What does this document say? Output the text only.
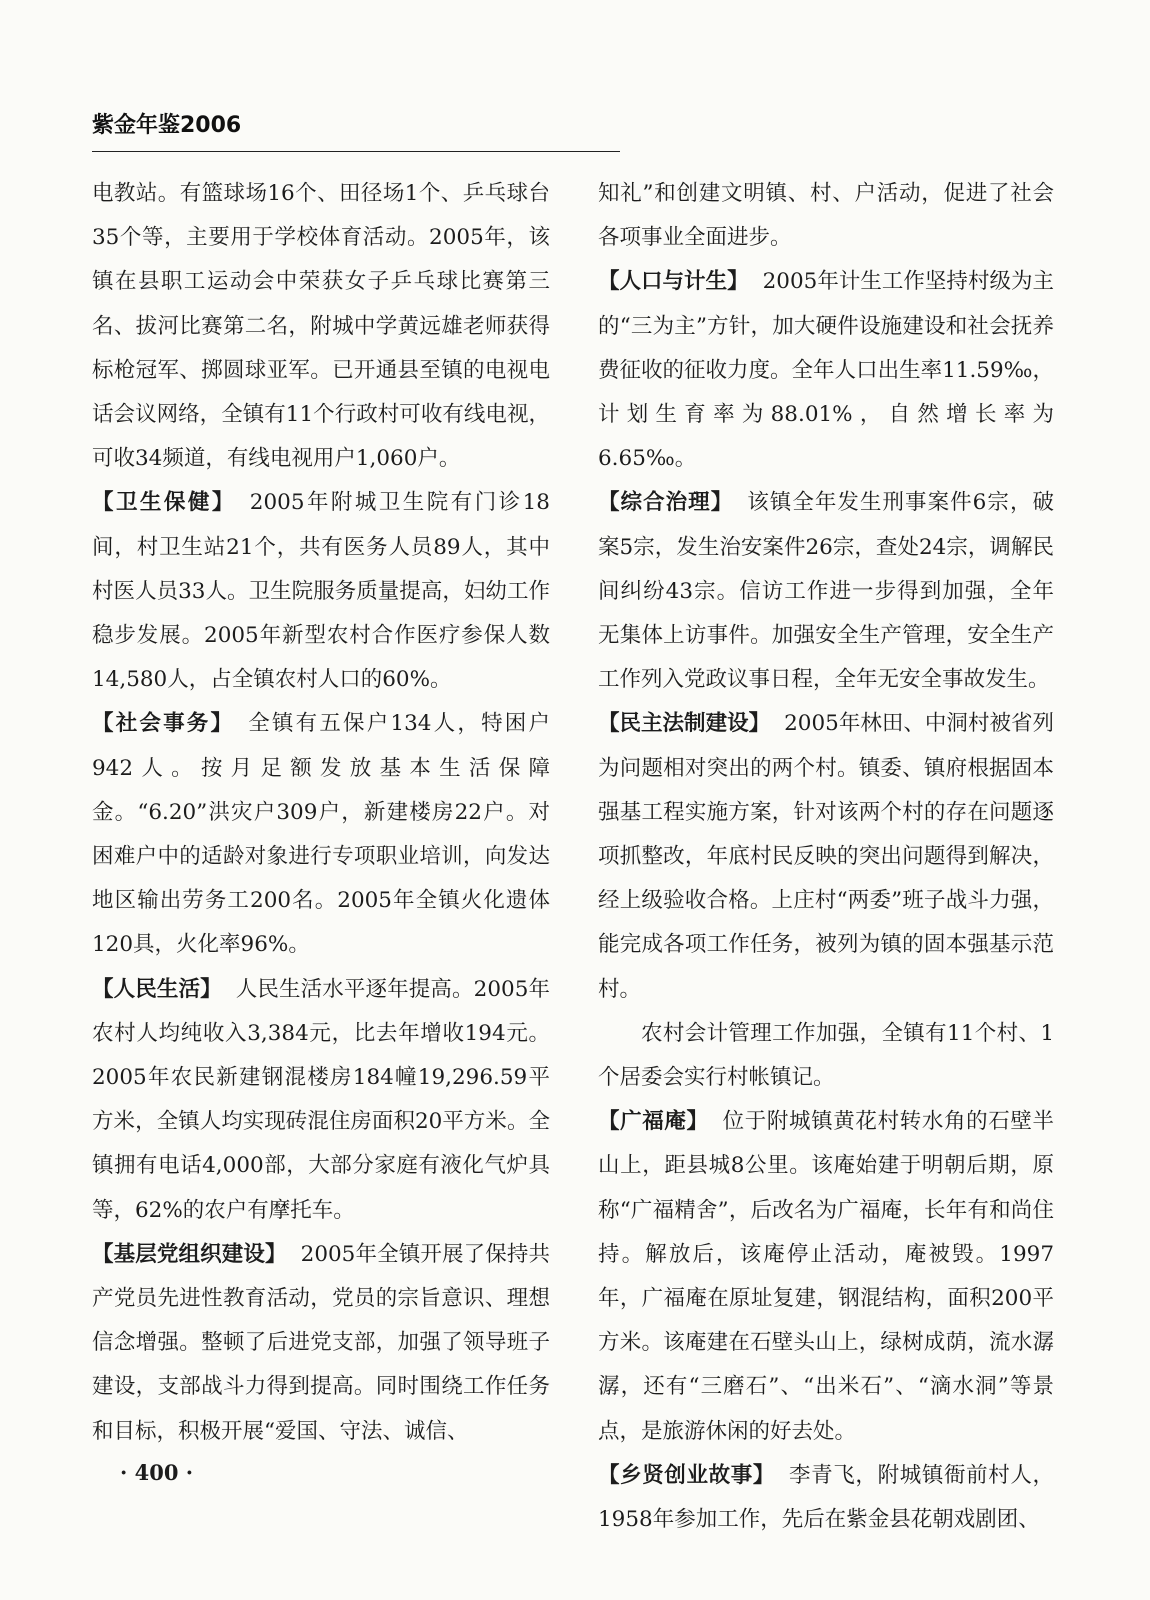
紫金年鉴2006

电教站。有篮球场16个、田径场1个、乒乓球台35个等，主要用于学校体育活动。2005年，该镇在县职工运动会中荣获女子乒乓球比赛第三名、拔河比赛第二名，附城中学黄远雄老师获得标枪冠军、掷圆球亚军。已开通县至镇的电视电话会议网络，全镇有11个行政村可收有线电视，可收34频道，有线电视用户1,060户。

【卫生保健】 2005年附城卫生院有门诊18间，村卫生站21个，共有医务人员89人，其中村医人员33人。卫生院服务质量提高，妇幼工作稳步发展。2005年新型农村合作医疗参保人数14,580人，占全镇农村人口的60%。

【社会事务】 全镇有五保户134人，特困户942人。按月足额发放基本生活保障金。“6.20”洪灾户309户，新建楼房22户。对困难户中的适龄对象进行专项职业培训，向发达地区输出劳务工200名。2005年全镇火化遗体120具，火化率96%。

【人民生活】 人民生活水平逐年提高。2005年农村人均纯收入3,384元，比去年增收194元。2005年农民新建钢混楼房184幢19,296.59平方米，全镇人均实现砖混住房面积20平方米。全镇拥有电话4,000部，大部分家庭有液化气炉具等，62%的农户有摩托车。

【基层党组织建设】 2005年全镇开展了保持共产党员先进性教育活动，党员的宗旨意识、理想信念增强。整顿了后进党支部，加强了领导班子建设，支部战斗力得到提高。同时围绕工作任务和目标，积极开展“爱国、守法、诚信、

知礼”和创建文明镇、村、户活动，促进了社会各项事业全面进步。

【人口与计生】 2005年计生工作坚持村级为主的“三为主”方针，加大硬件设施建设和社会抚养费征收的征收力度。全年人口出生率11.59‰，计划生育率为88.01%，自然增长率为6.65‰。

【综合治理】 该镇全年发生刑事案件6宗，破案5宗，发生治安案件26宗，查处24宗，调解民间纠纷43宗。信访工作进一步得到加强，全年无集体上访事件。加强安全生产管理，安全生产工作列入党政议事日程，全年无安全事故发生。

【民主法制建设】 2005年林田、中洞村被省列为问题相对突出的两个村。镇委、镇府根据固本强基工程实施方案，针对该两个村的存在问题逐项抓整改，年底村民反映的突出问题得到解决，经上级验收合格。上庄村“两委”班子战斗力强，能完成各项工作任务，被列为镇的固本强基示范村。

农村会计管理工作加强，全镇有11个村、1个居委会实行村帐镇记。

【广福庵】 位于附城镇黄花村转水角的石壁半山上，距县城8公里。该庵始建于明朝后期，原称“广福精舍”，后改名为广福庵，长年有和尚住持。解放后，该庵停止活动，庵被毁。1997年，广福庵在原址复建，钢混结构，面积200平方米。该庵建在石壁头山上，绿树成荫，流水潺潺，还有“三磨石”、“出米石”、“滴水洞”等景点，是旅游休闲的好去处。

【乡贤创业故事】 李青飞，附城镇衙前村人，1958年参加工作，先后在紫金县花朝戏剧团、

· 400 ·
